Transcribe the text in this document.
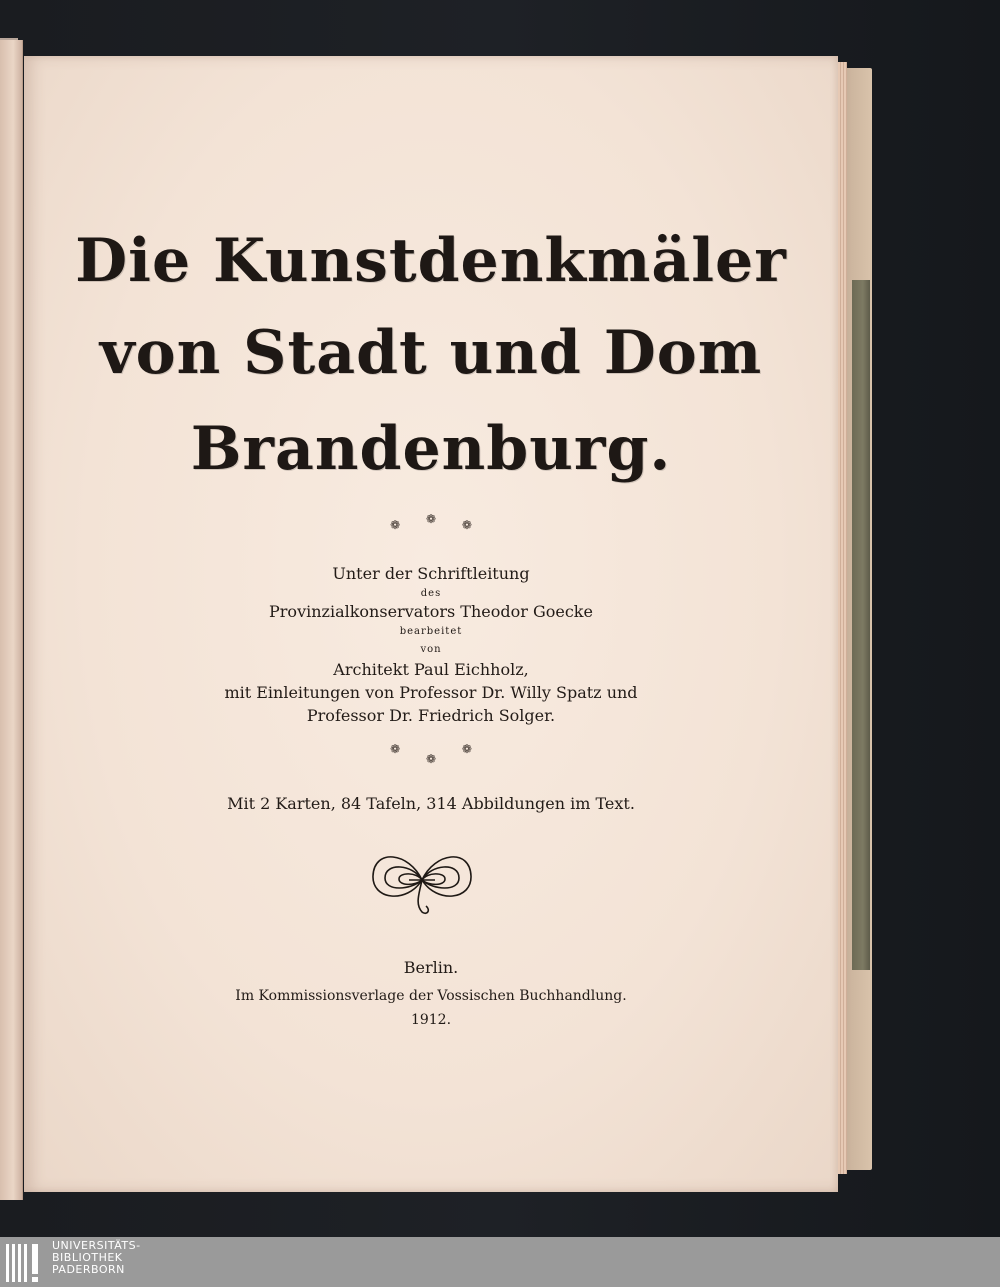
Die Kunstdenkmäler
von Stadt und Dom
Brandenburg.
❁ ❁ ❁
Unter der Schriftleitung
des
Provinzialkonservators Theodor Goecke
bearbeitet
von
Architekt Paul Eichholz,
mit Einleitungen von Professor Dr. Willy Spatz und
Professor Dr. Friedrich Solger.
❁ ❁ ❁
Mit 2 Karten, 84 Tafeln, 314 Abbildungen im Text.
Berlin.
Im Kommissionsverlage der Vossischen Buchhandlung.
1912.
UNIVERSITÄTS-
BIBLIOTHEK
PADERBORN
